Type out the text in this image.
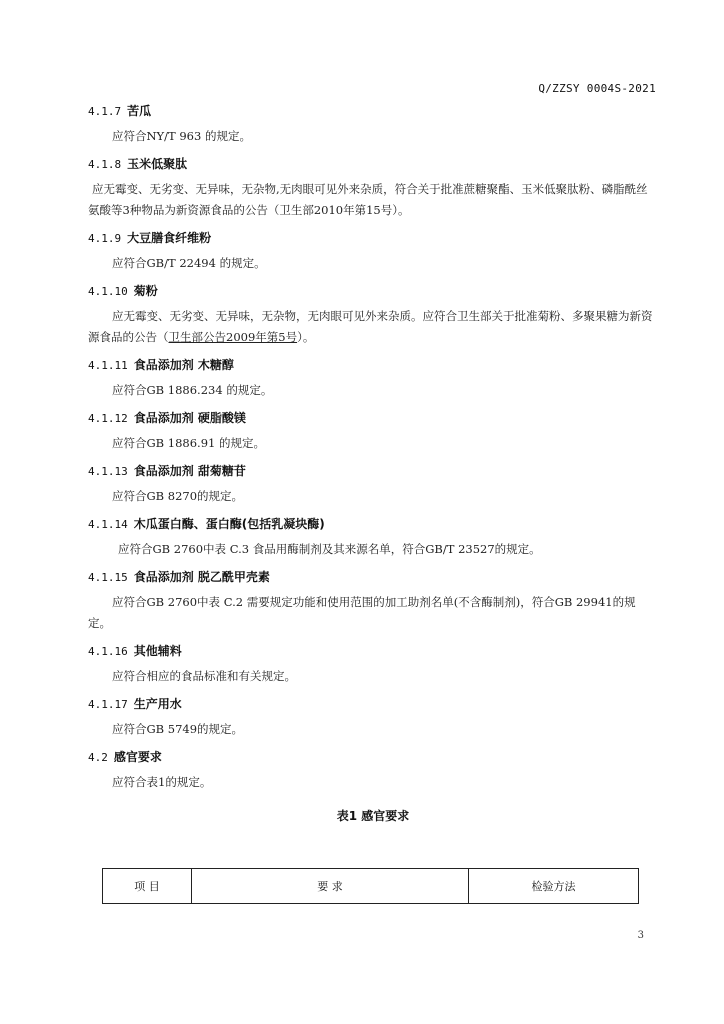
Q/ZZSY 0004S-2021
4.1.7 苦瓜

应符合NY/T 963 的规定。

4.1.8 玉米低聚肽

应无霉变、无劣变、无异味，无杂物,无肉眼可见外来杂质，符合关于批准蔗糖聚酯、玉米低聚肽粉、磷脂酰丝氨酸等3种物品为新资源食品的公告（卫生部2010年第15号）。

4.1.9 大豆膳食纤维粉

应符合GB/T 22494 的规定。

4.1.10 菊粉

应无霉变、无劣变、无异味，无杂物，无肉眼可见外来杂质。应符合卫生部关于批准菊粉、多聚果糖为新资源食品的公告（卫生部公告2009年第5号）。

4.1.11 食品添加剂 木糖醇

应符合GB 1886.234 的规定。

4.1.12 食品添加剂 硬脂酸镁

应符合GB 1886.91 的规定。

4.1.13 食品添加剂 甜菊糖苷

应符合GB 8270的规定。

4.1.14 木瓜蛋白酶、蛋白酶(包括乳凝块酶)

应符合GB 2760中表 C.3 食品用酶制剂及其来源名单，符合GB/T 23527的规定。

4.1.15 食品添加剂 脱乙酰甲壳素

应符合GB 2760中表 C.2 需要规定功能和使用范围的加工助剂名单(不含酶制剂)，符合GB 29941的规定。

4.1.16 其他辅料

应符合相应的食品标准和有关规定。

4.1.17 生产用水

应符合GB 5749的规定。

4.2 感官要求

应符合表1的规定。

表1 感官要求
项 目	要 求	检验方法
3
